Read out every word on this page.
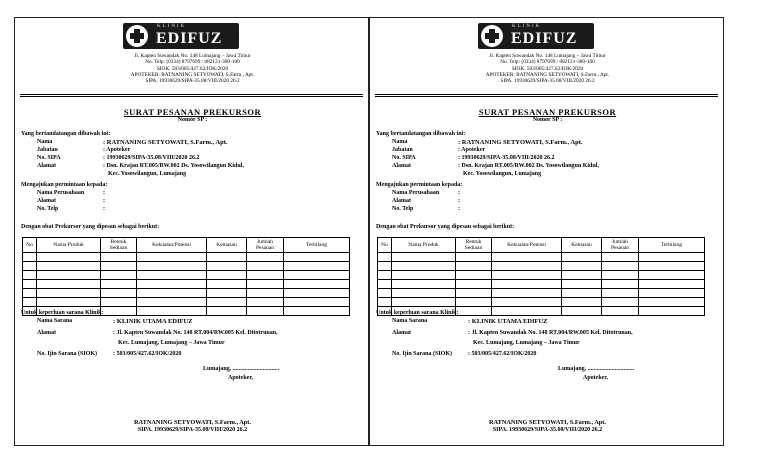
KLINIK
EDIFUZ
Jl. Kapten Suwandak No. 148 Lumajang – Jawa Timur
No. Telp: (0334) 8797699 / 082121-300-100
SIOK. 503/005/427.62/IOK/2020
APOTEKER: RATNANING SETYOWATI, S.Farm., Apt.
SIPA. 19930629/SIPA-35.08/VIII/2020 26.2
SURAT PESANAN PREKURSOR
Nomor SP :
Yang bertandatangan dibawah ini:
Nama	: RATNANING SETYOWATI, S.Farm., Apt.
Jabatan	: Apoteker
No. SIPA	: 19930629/SIPA-35.08/VIII/2020 26.2
Alamat	: Dsn. Krajan RT.005/RW.002 Ds. Yosowilangun Kidul,
Kec. Yosowilangun, Lumajang
Mengajukan permintaan kepada:
Nama Perusahaan	:
Alamat	:
No. Telp	:
Dengan obat Prekursor yang dipesan sebagai berikut:
No	Nama Produk	Bentuk Sediaan	Kekuatan/Potensi	Kemasan	Jumlah Pesanan	Terbilang

Untuk keperluan sarana Klinik:
Nama Sarana	: KLINIK UTAMA EDIFUZ
Alamat	: Jl. Kapten Suwandak No. 148 RT.004/RW.005 Kel. Ditotrunan,
Kec. Lumajang, Lumajang – Jawa Timur
No. Ijin Sarana (SIOK)	: 503/005/427.62/IOK/2020
Lumajang, ...............................
Apoteker,
RATNANING SETYOWATI, S.Farm., Apt.
SIPA. 19930629/SIPA-35.08/VIII/2020 26.2
KLINIK
EDIFUZ
Jl. Kapten Suwandak No. 148 Lumajang – Jawa Timur
No. Telp: (0334) 8797699 / 082121-300-100
SIOK. 503/005/427.62/IOK/2020
APOTEKER: RATNANING SETYOWATI, S.Farm., Apt.
SIPA. 19930629/SIPA-35.08/VIII/2020 26.2
SURAT PESANAN PREKURSOR
Nomor SP :
Yang bertandatangan dibawah ini:
Nama	: RATNANING SETYOWATI, S.Farm., Apt.
Jabatan	: Apoteker
No. SIPA	: 19930629/SIPA-35.08/VIII/2020 26.2
Alamat	: Dsn. Krajan RT.005/RW.002 Ds. Yosowilangun Kidul,
Kec. Yosowilangun, Lumajang
Mengajukan permintaan kepada:
Nama Perusahaan	:
Alamat	:
No. Telp	:
Dengan obat Prekursor yang dipesan sebagai berikut:
No	Nama Produk	Bentuk Sediaan	Kekuatan/Potensi	Kemasan	Jumlah Pesanan	Terbilang

Untuk keperluan sarana Klinik:
Nama Sarana	: KLINIK UTAMA EDIFUZ
Alamat	: Jl. Kapten Suwandak No. 148 RT.004/RW.005 Kel. Ditotrunan,
Kec. Lumajang, Lumajang – Jawa Timur
No. Ijin Sarana (SIOK)	: 503/005/427.62/IOK/2020
Lumajang, ...............................
Apoteker,
RATNANING SETYOWATI, S.Farm., Apt.
SIPA. 19930629/SIPA-35.08/VIII/2020 26.2
